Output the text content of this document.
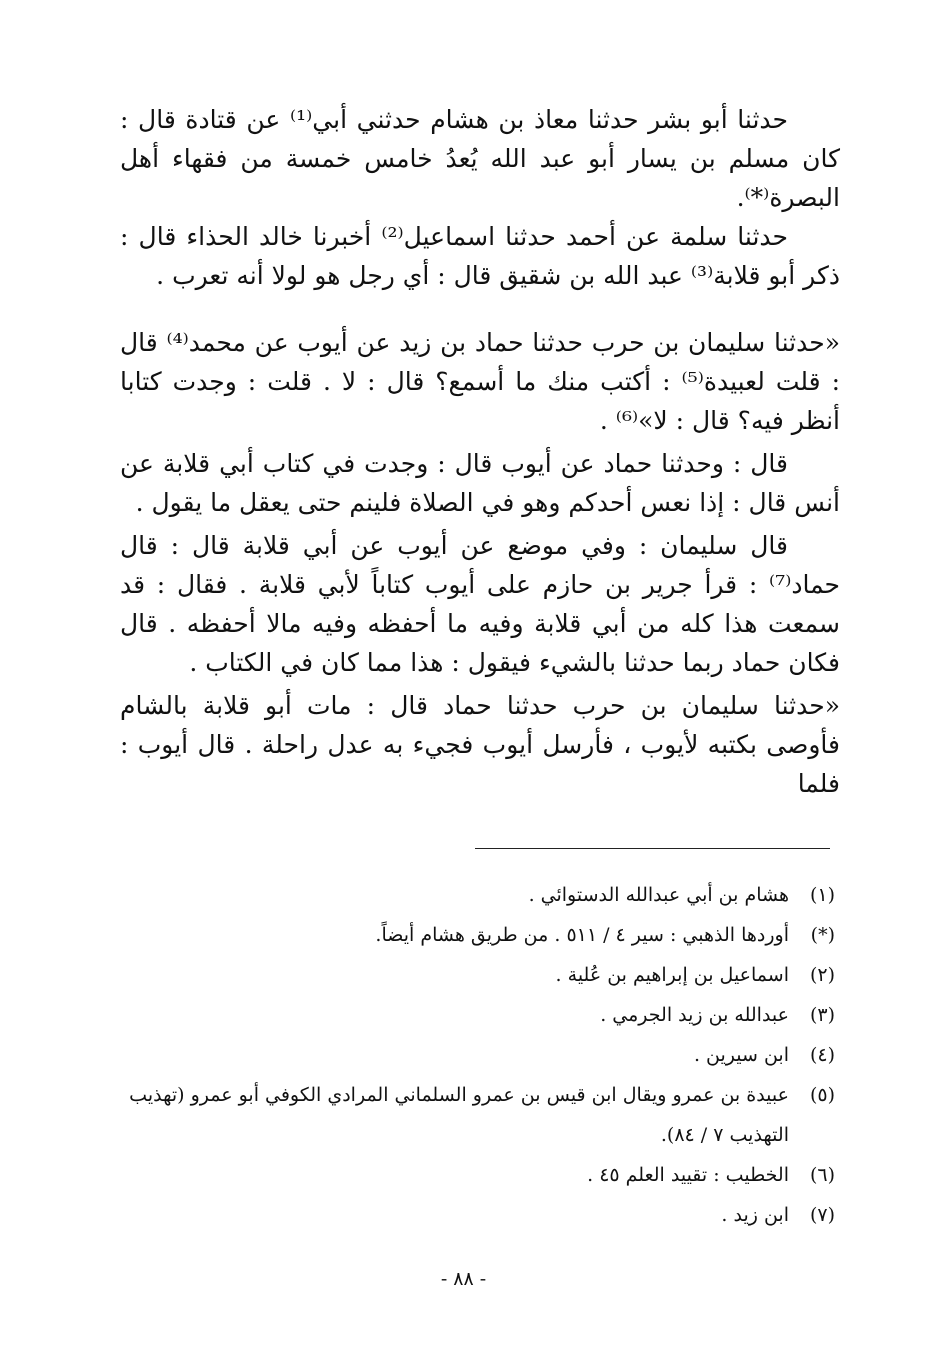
حدثنا أبو بشر حدثنا معاذ بن هشام حدثني أبي⁽¹⁾ عن قتادة قال : كان مسلم بن يسار أبو عبد الله يُعدُ خامس خمسة من فقهاء أهل البصرة⁽*⁾.

حدثنا سلمة عن أحمد حدثنا اسماعيل⁽²⁾ أخبرنا خالد الحذاء قال : ذكر أبو قلابة⁽³⁾ عبد الله بن شقيق قال : أي رجل هو لولا أنه تعرب .

«حدثنا سليمان بن حرب حدثنا حماد بن زيد عن أيوب عن محمد⁽⁴⁾ قال : قلت لعبيدة⁽⁵⁾ : أكتب منك ما أسمع؟ قال : لا . قلت : وجدت كتابا أنظر فيه؟ قال : لا»⁽⁶⁾ .

قال : وحدثنا حماد عن أيوب قال : وجدت في كتاب أبي قلابة عن أنس قال : إذا نعس أحدكم وهو في الصلاة فلينم حتى يعقل ما يقول .

قال سليمان : وفي موضع عن أيوب عن أبي قلابة قال : قال حماد⁽⁷⁾ : قرأ جرير بن حازم على أيوب كتاباً لأبي قلابة . فقال : قد سمعت هذا كله من أبي قلابة وفيه ما أحفظه وفيه مالا أحفظه . قال فكان حماد ربما حدثنا بالشيء فيقول : هذا مما كان في الكتاب .

«حدثنا سليمان بن حرب حدثنا حماد قال : مات أبو قلابة بالشام فأوصى بكتبه لأيوب ، فأرسل أيوب فجيء به عدل راحلة . قال أيوب : فلما

(١)
هشام بن أبي عبدالله الدستوائي .
(*)
أوردها الذهبي : سير ٤ / ٥١١ . من طريق هشام أيضاً.
(٢)
اسماعيل بن إبراهيم بن عُلية .
(٣)
عبدالله بن زيد الجرمي .
(٤)
ابن سيرين .
(٥)
عبيدة بن عمرو ويقال ابن قيس بن عمرو السلماني المرادي الكوفي أبو عمرو (تهذيب التهذيب ٧ / ٨٤).
(٦)
الخطيب : تقييد العلم ٤٥ .
(٧)
ابن زيد .
- ٨٨ -
